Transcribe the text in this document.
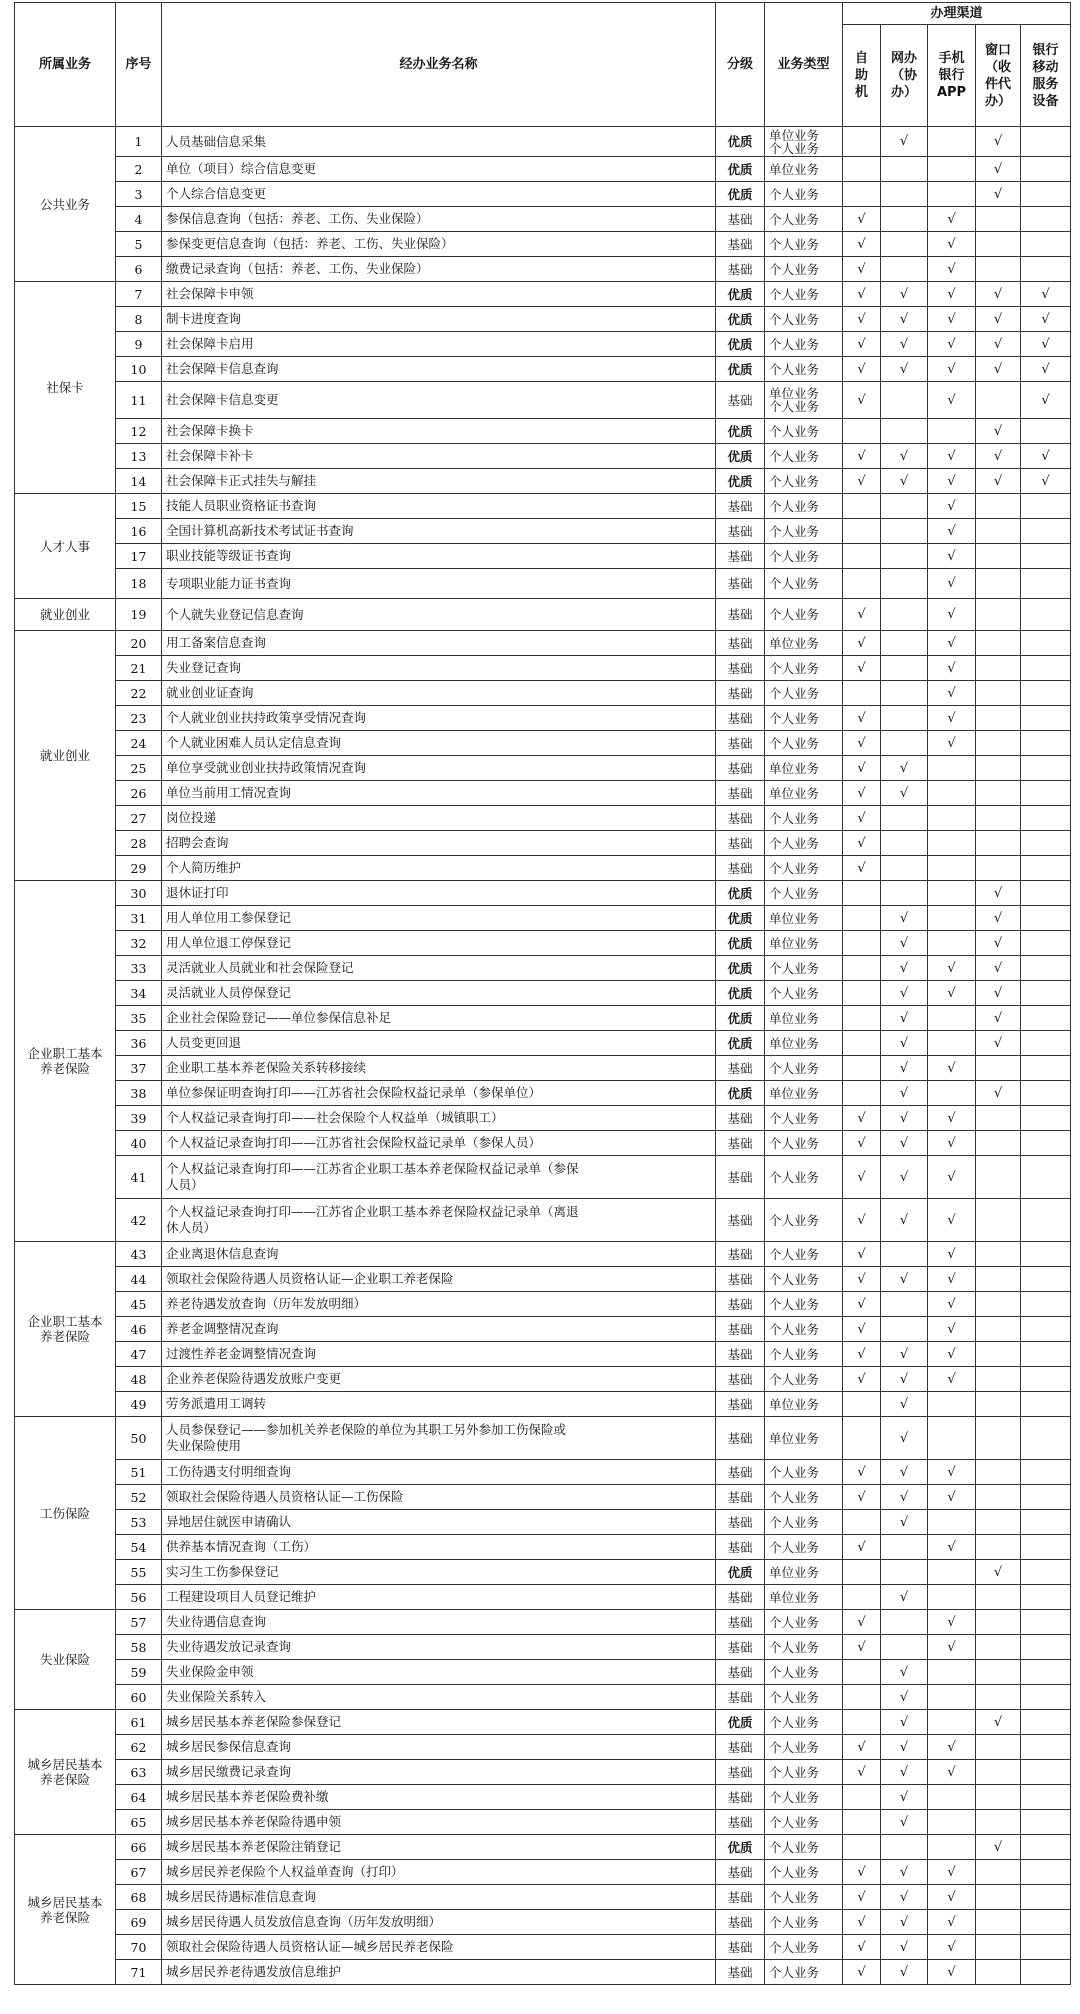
所属业务	序号	经办业务名称	分级	业务类型	办理渠道				
					自助机	网办（协办）	手机银行APP	窗口（收件代办）	银行移动服务设备
公共业务	1	人员基础信息采集	优质	单位业务
个人业务		√		√	
	2	单位（项目）综合信息变更	优质	单位业务				√	
	3	个人综合信息变更	优质	个人业务				√	
	4	参保信息查询（包括：养老、工伤、失业保险）	基础	个人业务	√		√		
	5	参保变更信息查询（包括：养老、工伤、失业保险）	基础	个人业务	√		√		
	6	缴费记录查询（包括：养老、工伤、失业保险）	基础	个人业务	√		√		
社保卡	7	社会保障卡申领	优质	个人业务	√	√	√	√	√
	8	制卡进度查询	优质	个人业务	√	√	√	√	√
	9	社会保障卡启用	优质	个人业务	√	√	√	√	√
	10	社会保障卡信息查询	优质	个人业务	√	√	√	√	√
	11	社会保障卡信息变更	基础	单位业务
个人业务	√		√		√
	12	社会保障卡换卡	优质	个人业务				√	
	13	社会保障卡补卡	优质	个人业务	√	√	√	√	√
	14	社会保障卡正式挂失与解挂	优质	个人业务	√	√	√	√	√
人才人事	15	技能人员职业资格证书查询	基础	个人业务			√		
	16	全国计算机高新技术考试证书查询	基础	个人业务			√		
	17	职业技能等级证书查询	基础	个人业务			√		
	18	专项职业能力证书查询	基础	个人业务			√		
就业创业	19	个人就失业登记信息查询	基础	个人业务	√		√		
就业创业	20	用工备案信息查询	基础	单位业务	√		√		
	21	失业登记查询	基础	个人业务	√		√		
	22	就业创业证查询	基础	个人业务			√		
	23	个人就业创业扶持政策享受情况查询	基础	个人业务	√		√		
	24	个人就业困难人员认定信息查询	基础	个人业务	√		√		
	25	单位享受就业创业扶持政策情况查询	基础	单位业务	√	√			
	26	单位当前用工情况查询	基础	单位业务	√	√			
	27	岗位投递	基础	个人业务	√				
	28	招聘会查询	基础	个人业务	√				
	29	个人简历维护	基础	个人业务	√				
企业职工基本
养老保险	30	退休证打印	优质	个人业务				√	
	31	用人单位用工参保登记	优质	单位业务		√		√	
	32	用人单位退工停保登记	优质	单位业务		√		√	
	33	灵活就业人员就业和社会保险登记	优质	个人业务		√	√	√	
	34	灵活就业人员停保登记	优质	个人业务		√	√	√	
	35	企业社会保险登记——单位参保信息补足	优质	单位业务		√		√	
	36	人员变更回退	优质	单位业务		√		√	
	37	企业职工基本养老保险关系转移接续	基础	个人业务		√	√		
	38	单位参保证明查询打印——江苏省社会保险权益记录单（参保单位）	优质	单位业务		√		√	
	39	个人权益记录查询打印——社会保险个人权益单（城镇职工）	基础	个人业务	√	√	√		
	40	个人权益记录查询打印——江苏省社会保险权益记录单（参保人员）	基础	个人业务	√	√	√		
	41	个人权益记录查询打印——江苏省企业职工基本养老保险权益记录单（参保
人员）	基础	个人业务	√	√	√		
	42	个人权益记录查询打印——江苏省企业职工基本养老保险权益记录单（离退
休人员）	基础	个人业务	√	√	√		
企业职工基本
养老保险	43	企业离退休信息查询	基础	个人业务	√		√		
	44	领取社会保险待遇人员资格认证—企业职工养老保险	基础	个人业务	√	√	√		
	45	养老待遇发放查询（历年发放明细）	基础	个人业务	√		√		
	46	养老金调整情况查询	基础	个人业务	√		√		
	47	过渡性养老金调整情况查询	基础	个人业务	√	√	√		
	48	企业养老保险待遇发放账户变更	基础	个人业务	√	√	√		
	49	劳务派遣用工调转	基础	单位业务		√			
工伤保险	50	人员参保登记——参加机关养老保险的单位为其职工另外参加工伤保险或
失业保险使用	基础	单位业务		√			
	51	工伤待遇支付明细查询	基础	个人业务	√	√	√		
	52	领取社会保险待遇人员资格认证—工伤保险	基础	个人业务	√	√	√		
	53	异地居住就医申请确认	基础	个人业务		√			
	54	供养基本情况查询（工伤）	基础	个人业务	√		√		
	55	实习生工伤参保登记	优质	单位业务				√	
	56	工程建设项目人员登记维护	基础	单位业务		√			
失业保险	57	失业待遇信息查询	基础	个人业务	√		√		
	58	失业待遇发放记录查询	基础	个人业务	√		√		
	59	失业保险金申领	基础	个人业务		√			
	60	失业保险关系转入	基础	个人业务		√			
城乡居民基本
养老保险	61	城乡居民基本养老保险参保登记	优质	个人业务		√		√	
	62	城乡居民参保信息查询	基础	个人业务	√	√	√		
	63	城乡居民缴费记录查询	基础	个人业务	√	√	√		
	64	城乡居民基本养老保险费补缴	基础	个人业务		√			
	65	城乡居民基本养老保险待遇申领	基础	个人业务		√			
城乡居民基本
养老保险	66	城乡居民基本养老保险注销登记	优质	个人业务				√	
	67	城乡居民养老保险个人权益单查询（打印）	基础	个人业务	√	√	√		
	68	城乡居民待遇标准信息查询	基础	个人业务	√	√	√		
	69	城乡居民待遇人员发放信息查询（历年发放明细）	基础	个人业务	√	√	√		
	70	领取社会保险待遇人员资格认证—城乡居民养老保险	基础	个人业务	√	√	√		
	71	城乡居民养老待遇发放信息维护	基础	个人业务	√	√	√		
